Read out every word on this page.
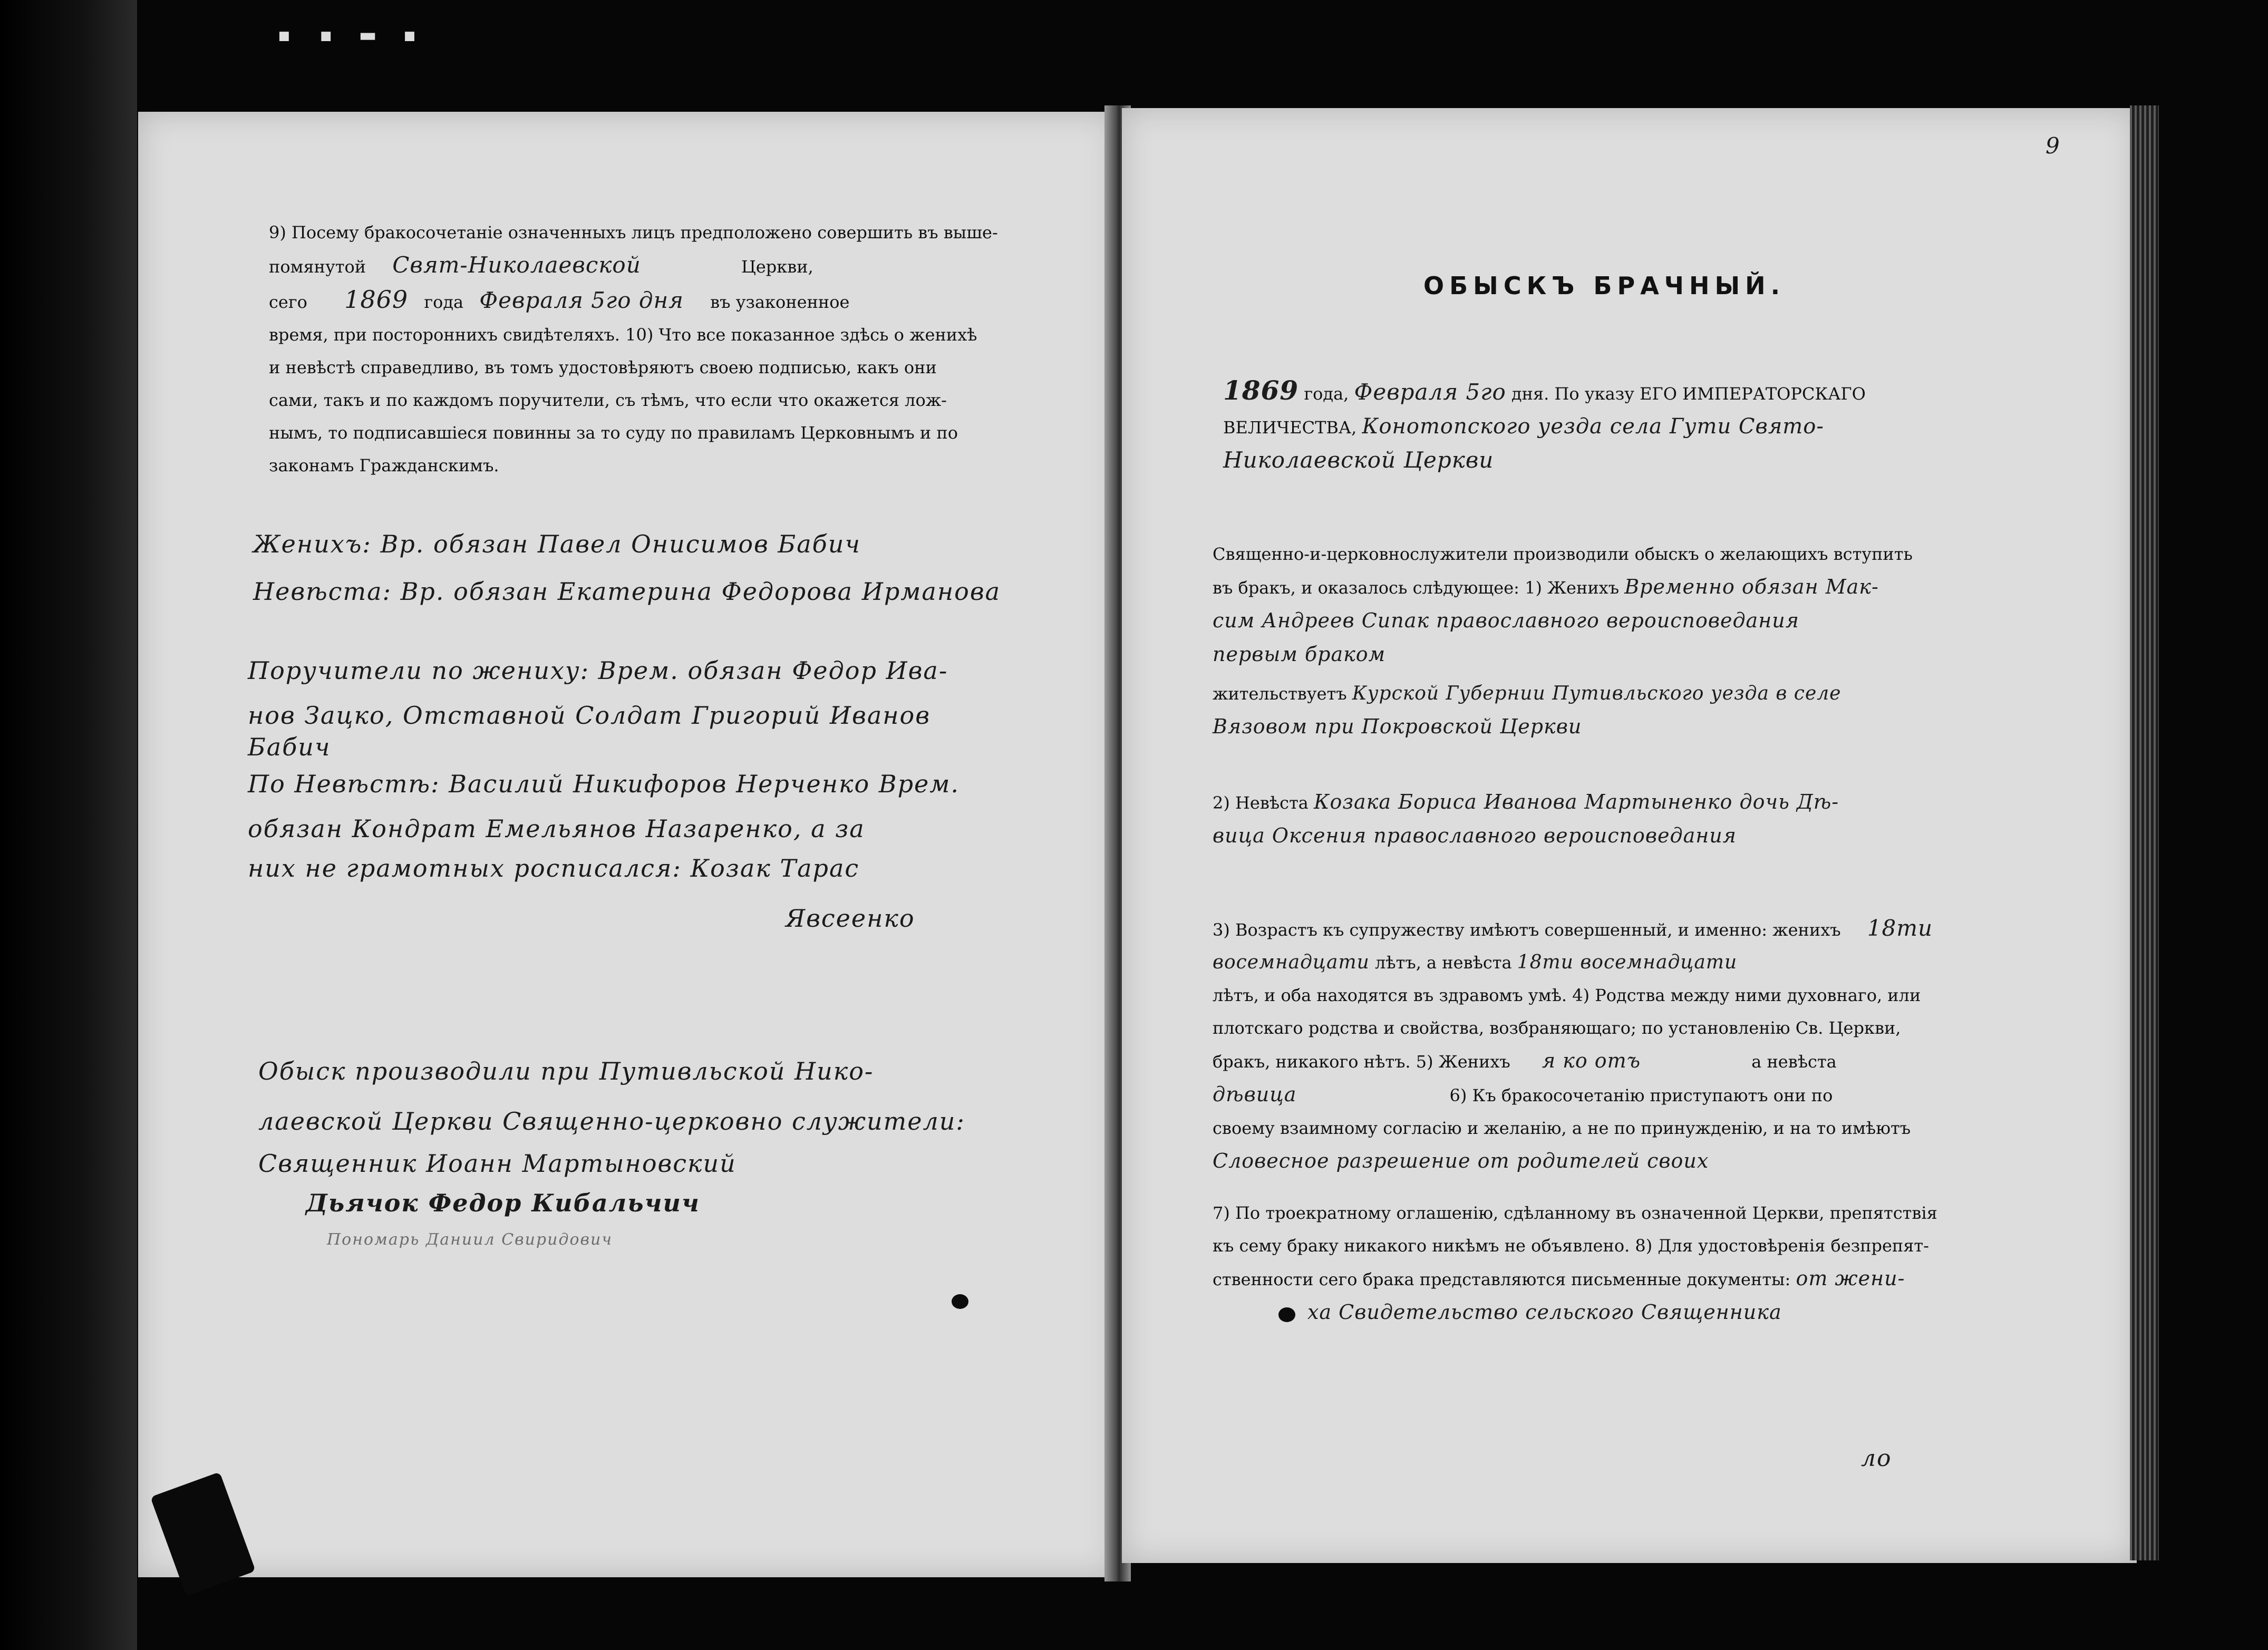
▪ ▪ ▬ ▪

9) Посему бракосочетаніе означенныхъ лицъ предположено совершить въ выше-

помянутой Свят-Николаевской	Церкви,

сего 1869 года Февраля 5го дня въ узаконенное

время, при постороннихъ свидѣтеляхъ. 10) Что все показанное здѣсь о женихѣ

и невѣстѣ справедливо, въ томъ удостовѣряютъ своею подписью, какъ они

сами, такъ и по каждомъ поручители, съ тѣмъ, что если что окажется лож-

нымъ, то подписавшіеся повинны за то суду по правиламъ Церковнымъ и по

законамъ Гражданскимъ.

Женихъ: Вр. обязан Павел Онисимов Бабич
Невѣста: Вр. обязан Екатерина Федорова Ирманова
Поручители по жениху: Врем. обязан Федор Ива-
нов Зацко, Отставной Солдат Григорий Иванов
Бабич
По Невѣстѣ: Василий Никифоров Нерченко Врем.
обязан Кондрат Емельянов Назаренко, а за
них не грамотных росписался: Козак Тарас
Явсеенко
Обыск производили при Путивльской Нико-
лаевской Церкви Священно-церковно служители:
Священник Иоанн Мартыновский
Дьячок Федор Кибальчич
Пономарь Даниил Свиридович
9
ОБЫСКЪ БРАЧНЫЙ.

1869 года, Февраля 5го дня. По указу ЕГО ИМПЕРАТОРСКАГО

ВЕЛИЧЕСТВА, Конотопского уезда села Гути Свято-

Николаевской Церкви

Священно-и-церковнослужители производили обыскъ о желающихъ вступить

въ бракъ, и оказалось слѣдующее: 1) Женихъ Временно обязан Мак-

сим Андреев Сипак православного вероисповедания

первым браком

жительствуетъ Курской Губернии Путивльского уезда в селе

Вязовом при Покровской Церкви

2) Невѣста Козака Бориса Иванова Мартыненко дочь Дѣ-

вица Оксения православного вероисповедания

3) Возрастъ къ супружеству имѣютъ совершенный, и именно: женихъ 18ти

восемнадцати лѣтъ, а невѣста 18ти восемнадцати

лѣтъ, и оба находятся въ здравомъ умѣ. 4) Родства между ними духовнаго, или

плотскаго родства и свойства, возбраняющаго; по установленію Св. Церкви,

бракъ, никакого нѣтъ. 5) Женихъ я ко отъ	а невѣста

дѣвица	6) Къ бракосочетанію приступаютъ они по

своему взаимному согласію и желанію, а не по принужденію, и на то имѣютъ

Словесное разрешение от родителей своих

7) По троекратному оглашенію, сдѣланному въ означенной Церкви, препятствія

къ сему браку никакого никѣмъ не объявлено. 8) Для удостовѣренія безпрепят-

ственности сего брака представляются письменные документы: от жени-

ха Свидетельство сельского Священника

ло
